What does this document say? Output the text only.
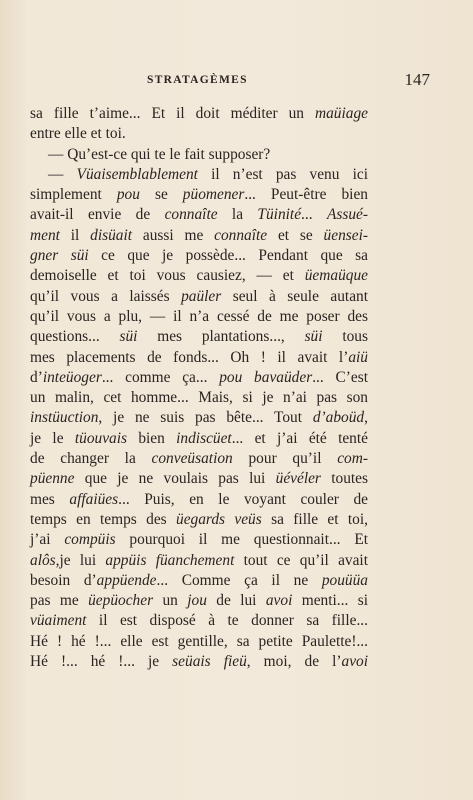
STRATAGÈMES	147
sa fille t’aime... Et il doit méditer un maüiage
entre elle et toi.
— Qu’est-ce qui te le fait supposer?
— Vüaisemblablement il n’est pas venu ici
simplement pou se püomener... Peut-être bien
avait-il envie de connaîte la Tüinité... Assué-
ment il disüait aussi me connaîte et se üensei-
gner süi ce que je possède... Pendant que sa
demoiselle et toi vous causiez, — et üemaüque
qu’il vous a laissés paüler seul à seule autant
qu’il vous a plu, — il n’a cessé de me poser des
questions... süi mes plantations..., süi tous
mes placements de fonds... Oh ! il avait l’aiü
d’inteüoger... comme ça... pou bavaüder... C’est
un malin, cet homme... Mais, si je n’ai pas son
instüuction, je ne suis pas bête... Tout d’aboüd,
je le tüouvais bien indiscüet... et j’ai été tenté
de changer la conveüsation pour qu’il com-
püenne que je ne voulais pas lui üévéler toutes
mes affaiües... Puis, en le voyant couler de
temps en temps des üegards veüs sa fille et toi,
j’ai compüis pourquoi il me questionnait... Et
alôs,je lui appüis füanchement tout ce qu’il avait
besoin d’appüende... Comme ça il ne pouüüa
pas me üepüocher un jou de lui avoi menti... si
vüaiment il est disposé à te donner sa fille...
Hé ! hé !... elle est gentille, sa petite Paulette!...
Hé !... hé !... je seüais fieü, moi, de l’avoi
